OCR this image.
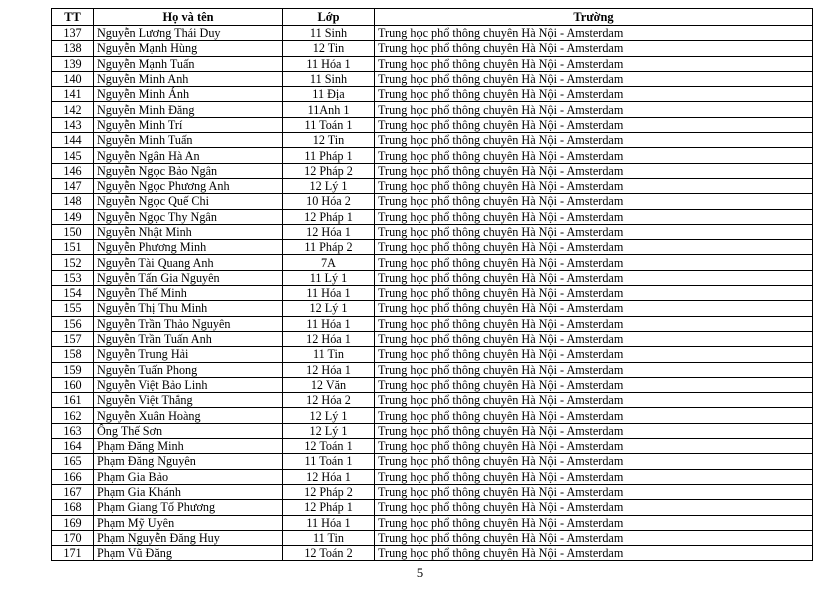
TT	Họ và tên	Lớp	Trường
137	Nguyễn Lương Thái Duy	11 Sinh	Trung học phổ thông chuyên Hà Nội - Amsterdam
138	Nguyễn Mạnh Hùng	12 Tin	Trung học phổ thông chuyên Hà Nội - Amsterdam
139	Nguyễn Mạnh Tuấn	11 Hóa 1	Trung học phổ thông chuyên Hà Nội - Amsterdam
140	Nguyễn Minh Anh	11 Sinh	Trung học phổ thông chuyên Hà Nội - Amsterdam
141	Nguyễn Minh Ánh	11 Địa	Trung học phổ thông chuyên Hà Nội - Amsterdam
142	Nguyễn Minh Đăng	11Anh 1	Trung học phổ thông chuyên Hà Nội - Amsterdam
143	Nguyễn Minh Trí	11 Toán 1	Trung học phổ thông chuyên Hà Nội - Amsterdam
144	Nguyễn Minh Tuấn	12 Tin	Trung học phổ thông chuyên Hà Nội - Amsterdam
145	Nguyễn Ngân Hà An	11 Pháp 1	Trung học phổ thông chuyên Hà Nội - Amsterdam
146	Nguyễn Ngọc Bảo Ngân	12 Pháp 2	Trung học phổ thông chuyên Hà Nội - Amsterdam
147	Nguyễn Ngọc Phương Anh	12 Lý 1	Trung học phổ thông chuyên Hà Nội - Amsterdam
148	Nguyễn Ngọc Quế Chi	10 Hóa 2	Trung học phổ thông chuyên Hà Nội - Amsterdam
149	Nguyễn Ngọc Thy Ngân	12 Pháp 1	Trung học phổ thông chuyên Hà Nội - Amsterdam
150	Nguyễn Nhật Minh	12 Hóa 1	Trung học phổ thông chuyên Hà Nội - Amsterdam
151	Nguyễn Phương Minh	11 Pháp 2	Trung học phổ thông chuyên Hà Nội - Amsterdam
152	Nguyễn Tài Quang Anh	7A	Trung học phổ thông chuyên Hà Nội - Amsterdam
153	Nguyễn Tấn Gia Nguyên	11 Lý 1	Trung học phổ thông chuyên Hà Nội - Amsterdam
154	Nguyễn Thế Minh	11 Hóa 1	Trung học phổ thông chuyên Hà Nội - Amsterdam
155	Nguyễn Thị Thu Minh	12 Lý 1	Trung học phổ thông chuyên Hà Nội - Amsterdam
156	Nguyễn Trần Thảo Nguyên	11 Hóa 1	Trung học phổ thông chuyên Hà Nội - Amsterdam
157	Nguyễn Trần Tuấn Anh	12 Hóa 1	Trung học phổ thông chuyên Hà Nội - Amsterdam
158	Nguyễn Trung Hải	11 Tin	Trung học phổ thông chuyên Hà Nội - Amsterdam
159	Nguyễn Tuấn Phong	12 Hóa 1	Trung học phổ thông chuyên Hà Nội - Amsterdam
160	Nguyễn Việt Bảo Linh	12 Văn	Trung học phổ thông chuyên Hà Nội - Amsterdam
161	Nguyễn Việt Thắng	12 Hóa 2	Trung học phổ thông chuyên Hà Nội - Amsterdam
162	Nguyễn Xuân Hoàng	12 Lý 1	Trung học phổ thông chuyên Hà Nội - Amsterdam
163	Ông Thế Sơn	12 Lý 1	Trung học phổ thông chuyên Hà Nội - Amsterdam
164	Phạm Đăng Minh	12 Toán 1	Trung học phổ thông chuyên Hà Nội - Amsterdam
165	Phạm Đăng Nguyên	11 Toán 1	Trung học phổ thông chuyên Hà Nội - Amsterdam
166	Phạm Gia Bảo	12 Hóa 1	Trung học phổ thông chuyên Hà Nội - Amsterdam
167	Phạm Gia Khánh	12 Pháp 2	Trung học phổ thông chuyên Hà Nội - Amsterdam
168	Phạm Giang Tố Phương	12 Pháp 1	Trung học phổ thông chuyên Hà Nội - Amsterdam
169	Phạm Mỹ Uyên	11 Hóa 1	Trung học phổ thông chuyên Hà Nội - Amsterdam
170	Phạm Nguyễn Đăng Huy	11 Tin	Trung học phổ thông chuyên Hà Nội - Amsterdam
171	Phạm Vũ Đăng	12 Toán 2	Trung học phổ thông chuyên Hà Nội - Amsterdam
5
